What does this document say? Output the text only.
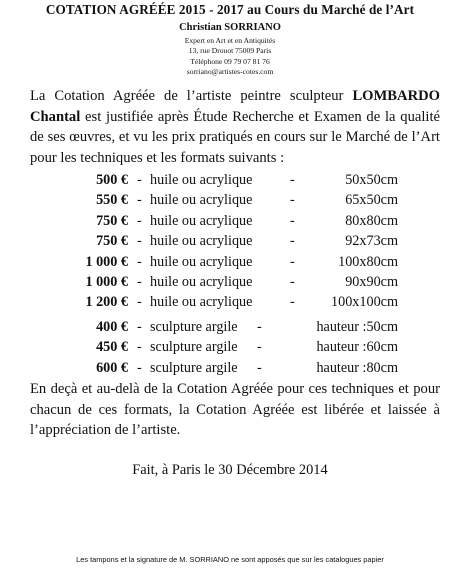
COTATION AGRÉÉE 2015 - 2017 au Cours du Marché de l’Art
Christian SORRIANO
Expert en Art et en Antiquités
13, rue Drouot 75009 Paris
Téléphone 09 79 07 81 76
sorriano@artistes-cotes.com
La Cotation Agréée de l’artiste peintre sculpteur LOMBARDO Chantal est justifiée après Étude Recherche et Examen de la qualité de ses œuvres, et vu les prix pratiqués en cours sur le Marché de l’Art pour les techniques et les formats suivants :
500 € - huile ou acrylique	-	50x50cm
550 € - huile ou acrylique	-	65x50cm
750 € - huile ou acrylique	-	80x80cm
750 € - huile ou acrylique	-	92x73cm
1 000 € - huile ou acrylique	-	100x80cm
1 000 € - huile ou acrylique	-	90x90cm
1 200 € - huile ou acrylique	-	100x100cm
400 € - sculpture argile -	hauteur :50cm
450 € - sculpture argile -	hauteur :60cm
600 € - sculpture argile -	hauteur :80cm
En deçà et au-delà de la Cotation Agréée pour ces techniques et pour chacun de ces formats, la Cotation Agréée est libérée et laissée à l’appréciation de l’artiste.
Fait, à Paris le 30 Décembre 2014
Les tampons et la signature de M. SORRIANO ne sont apposés que sur les catalogues papier
